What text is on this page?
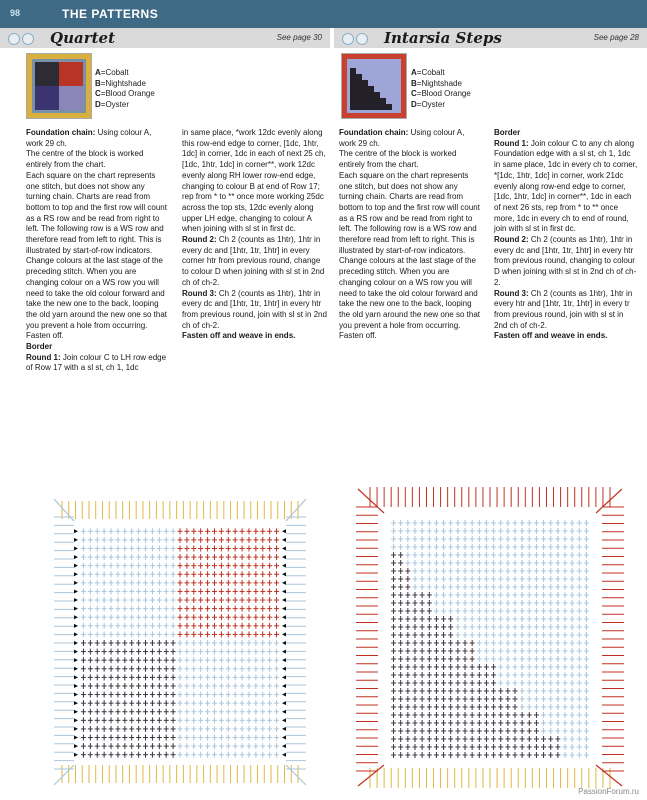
98	THE PATTERNS
Quartet	See page 30	Intarsia Steps	See page 28
A=Cobalt
B=Nightshade
C=Blood Orange
D=Oyster
A=Cobalt
B=Nightshade
C=Blood Orange
D=Oyster

Foundation chain: Using colour A, work 29 ch.

The centre of the block is worked entirely from the chart.

Each square on the chart represents one stitch, but does not show any turning chain. Charts are read from bottom to top and the first row will count as a RS row and be read from right to left. The following row is a WS row and therefore read from left to right. This is illustrated by start-of-row indicators.

Change colours at the last stage of the preceding stitch. When you are changing colour on a WS row you will need to take the old colour forward and take the new one to the back, looping the old yarn around the new one so that you prevent a hole from occurring. Fasten off.

Border

Round 1: Join colour C to LH row edge of Row 17 with a sl st, ch 1, 1dc

in same place, *work 12dc evenly along this row-end edge to corner, [1dc, 1htr, 1dc] in corner, 1dc in each of next 25 ch, [1dc, 1htr, 1dc] in corner**, work 12dc evenly along RH lower row-end edge, changing to colour B at end of Row 17; rep from * to ** once more working 25dc across the top sts, 12dc evenly along upper LH edge, changing to colour A when joining with sl st in first dc.

Round 2: Ch 2 (counts as 1htr), 1htr in every dc and [1htr, 1tr, 1htr] in every corner htr from previous round, change to colour D when joining with sl st in 2nd ch of ch-2.

Round 3: Ch 2 (counts as 1htr), 1htr in every dc and [1htr, 1tr, 1htr] in every htr from previous round, join with sl st in 2nd ch of ch-2.

Fasten off and weave in ends.

Foundation chain: Using colour A, work 29 ch.

The centre of the block is worked entirely from the chart.

Each square on the chart represents one stitch, but does not show any turning chain. Charts are read from bottom to top and the first row will count as a RS row and be read from right to left. The following row is a WS row and therefore read from left to right. This is illustrated by start-of-row indicators.

Change colours at the last stage of the preceding stitch. When you are changing colour on a WS row you will need to take the old colour forward and take the new one to the back, looping the old yarn around the new one so that you prevent a hole from occurring. Fasten off.

Border

Round 1: Join colour C to any ch along Foundation edge with a sl st, ch 1, 1dc in same place, 1dc in every ch to corner, *[1dc, 1htr, 1dc] in corner, work 21dc evenly along row-end edge to corner, [1dc, 1htr, 1dc] in corner**, 1dc in each of next 26 sts, rep from * to ** once more, 1dc in every ch to end of round, join with sl st in first dc.

Round 2: Ch 2 (counts as 1htr), 1htr in every dc and [1htr, 1tr, 1htr] in every htr from previous round, changing to colour D when joining with sl st in 2nd ch of ch-2.

Round 3: Ch 2 (counts as 1htr), 1htr in every htr and [1htr, 1tr, 1htr] in every tr from previous round, join with sl st in 2nd ch of ch-2.

Fasten off and weave in ends.

PassionForum.ru
